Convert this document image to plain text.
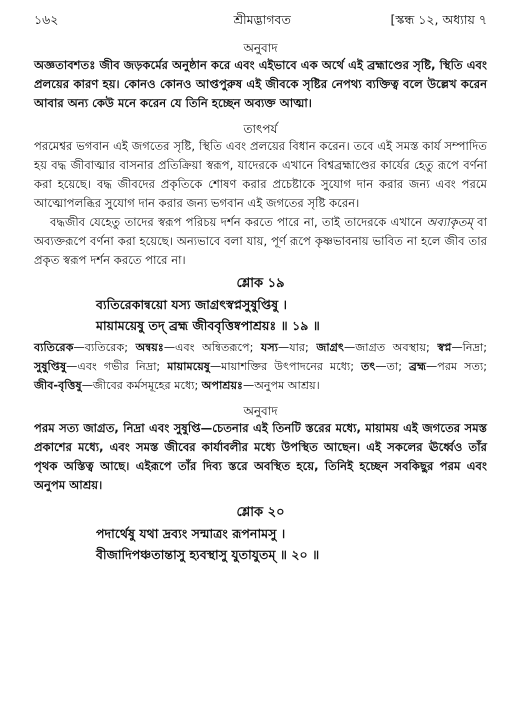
১৬২	শ্রীমদ্ভাগবত	[স্কন্ধ ১২, অধ্যায় ৭
অনুবাদ

অজ্ঞতাবশতঃ জীব জড়কর্মের অনুষ্ঠান করে এবং এইভাবে এক অর্থে এই ব্রহ্মাণ্ডের সৃষ্টি, স্থিতি এবং প্রলয়ের কারণ হয়। কোনও কোনও আপ্তপুরুষ এই জীবকে সৃষ্টির নেপথ্য ব্যক্তিত্ব বলে উল্লেখ করেন আবার অন্য কেউ মনে করেন যে তিনি হচ্ছেন অব্যক্ত আত্মা।

তাৎপর্য

পরমেশ্বর ভগবান এই জগতের সৃষ্টি, স্থিতি এবং প্রলয়ের বিধান করেন। তবে এই সমস্ত কার্য সম্পাদিত হয় বদ্ধ জীবাত্মার বাসনার প্রতিক্রিয়া স্বরূপ, যাদেরকে এখানে বিশ্বব্রহ্মাণ্ডের কার্যের হেতু রূপে বর্ণনা করা হয়েছে। বদ্ধ জীবদের প্রকৃতিকে শোষণ করার প্রচেষ্টাকে সুযোগ দান করার জন্য এবং পরমে আত্মোপলব্ধির সুযোগ দান করার জন্য ভগবান এই জগতের সৃষ্টি করেন।

বদ্ধজীব যেহেতু তাদের স্বরূপ পরিচয় দর্শন করতে পারে না, তাই তাদেরকে এখানে অব্যাকৃতম্ বা অব্যক্তরূপে বর্ণনা করা হয়েছে। অন্যভাবে বলা যায়, পূর্ণ রূপে কৃষ্ণভাবনায় ভাবিত না হলে জীব তার প্রকৃত স্বরূপ দর্শন করতে পারে না।

শ্লোক ১৯
ব্যতিরেকান্বয়ো যস্য জাগ্রৎস্বপ্নসুষুপ্তিষু ।
মায়াময়েষু তদ্ ব্রহ্ম জীববৃত্তিষ্বপাশ্রয়ঃ ॥ ১৯ ॥

ব্যতিরেক—ব্যতিরেক; অন্বয়ঃ—এবং অন্বিতরূপে; যস্য—যার; জাগ্রৎ—জাগ্রত অবস্থায়; স্বপ্ন—নিদ্রা; সুষুপ্তিষু—এবং গভীর নিদ্রা; মায়াময়েষু—মায়াশক্তির উৎপাদনের মধ্যে; তৎ—তা; ব্রহ্ম—পরম সত্য; জীব-বৃত্তিষু—জীবের কর্মসমূহের মধ্যে; অপাশ্রয়ঃ—অনুপম আশ্রয়।

অনুবাদ

পরম সত্য জাগ্রত, নিদ্রা এবং সুষুপ্তি—চেতনার এই তিনটি স্তরের মধ্যে, মায়াময় এই জগতের সমস্ত প্রকাশের মধ্যে, এবং সমস্ত জীবের কার্যাবলীর মধ্যে উপস্থিত আছেন। এই সকলের ঊর্ধ্বেও তাঁর পৃথক অস্তিত্ব আছে। এইরূপে তাঁর দিব্য স্তরে অবস্থিত হয়ে, তিনিই হচ্ছেন সবকিছুর পরম এবং অনুপম আশ্রয়।

শ্লোক ২০
পদার্থেষু যথা দ্রব্যং সন্মাত্রং রূপনামসু ।
বীজাদিপঞ্চতান্তাসু হ্যবস্থাসু যুতাযুতম্ ॥ ২০ ॥
